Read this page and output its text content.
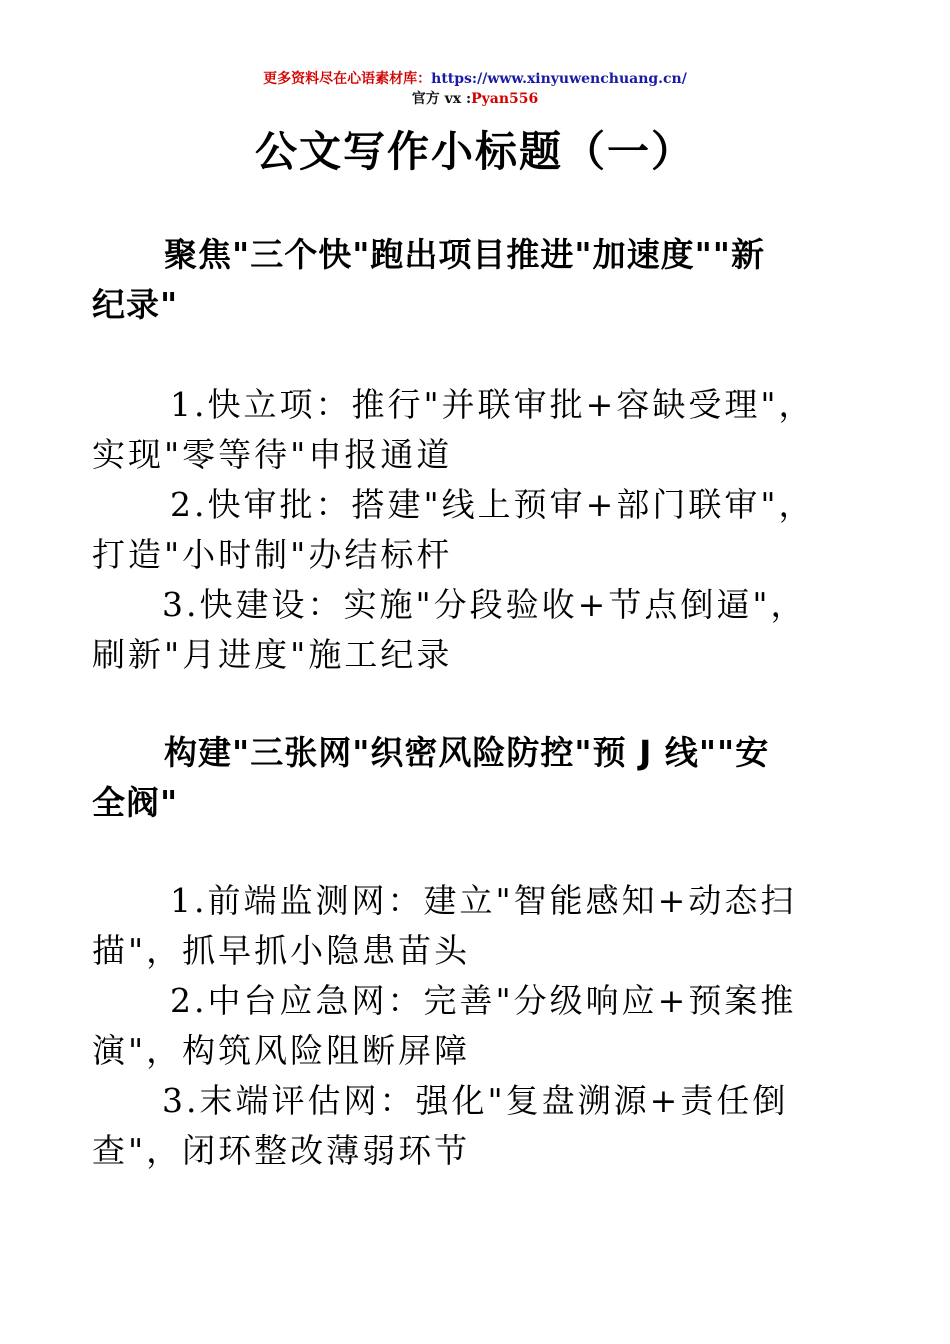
更多资料尽在心语素材库：https://www.xinyuwenchuang.cn/
官方 vx :Pyan556
公文写作小标题（一）
聚焦"三个快"跑出项目推进"加速度""新
纪录"
1.快立项：推行"并联审批+容缺受理"，
实现"零等待"申报通道
2.快审批：搭建"线上预审+部门联审"，
打造"小时制"办结标杆
3.快建设：实施"分段验收+节点倒逼"，
刷新"月进度"施工纪录
构建"三张网"织密风险防控"预 J 线""安
全阀"
1.前端监测网：建立"智能感知+动态扫
描"，抓早抓小隐患苗头
2.中台应急网：完善"分级响应+预案推
演"，构筑风险阻断屏障
3.末端评估网：强化"复盘溯源+责任倒
查"，闭环整改薄弱环节
